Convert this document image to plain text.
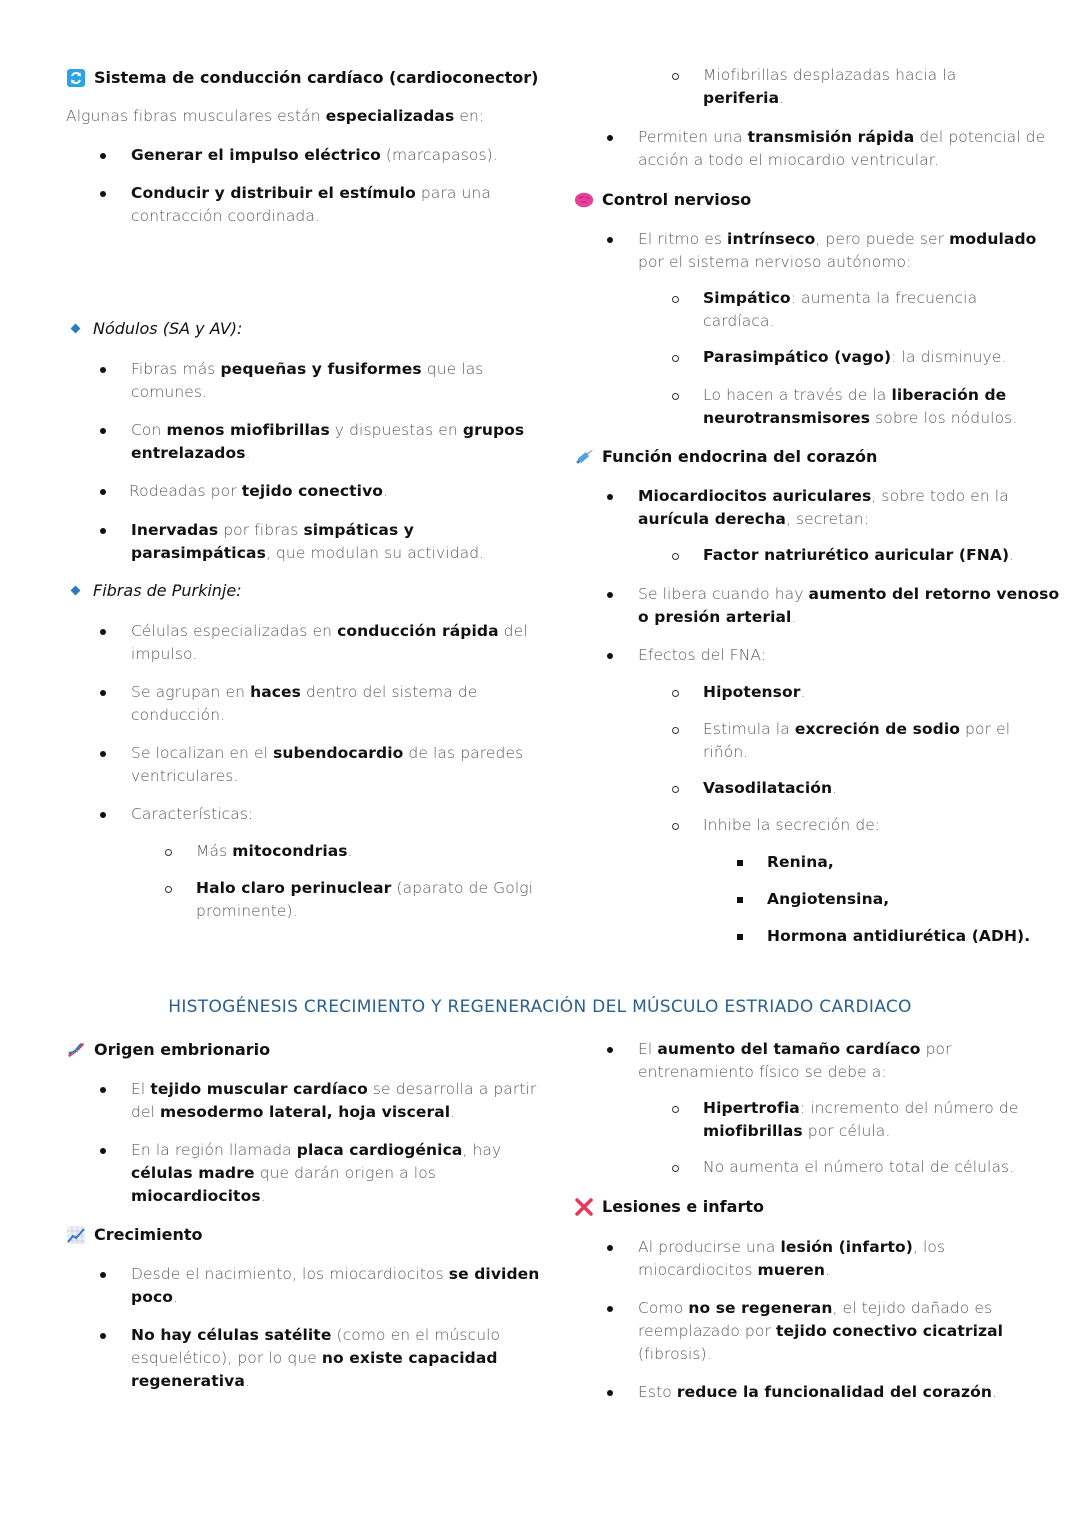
Sistema de conducción cardíaco (cardioconector)
Algunas fibras musculares están especializadas en:
Generar el impulso eléctrico (marcapasos).
Conducir y distribuir el estímulo para una
contracción coordinada.
Nódulos (SA y AV):
Fibras más pequeñas y fusiformes que las
comunes.
Con menos miofibrillas y dispuestas en grupos
entrelazados.
Rodeadas por tejido conectivo.
Inervadas por fibras simpáticas y
parasimpáticas, que modulan su actividad.
Fibras de Purkinje:
Células especializadas en conducción rápida del
impulso.
Se agrupan en haces dentro del sistema de
conducción.
Se localizan en el subendocardio de las paredes
ventriculares.
Características:
Más mitocondrias.
Halo claro perinuclear (aparato de Golgi
prominente).
Miofibrillas desplazadas hacia la
periferia.
Permiten una transmisión rápida del potencial de
acción a todo el miocardio ventricular.
Control nervioso
El ritmo es intrínseco, pero puede ser modulado
por el sistema nervioso autónomo:
Simpático: aumenta la frecuencia
cardíaca.
Parasimpático (vago): la disminuye.
Lo hacen a través de la liberación de
neurotransmisores sobre los nódulos.
Función endocrina del corazón
Miocardiocitos auriculares, sobre todo en la
aurícula derecha, secretan:
Factor natriurético auricular (FNA).
Se libera cuando hay aumento del retorno venoso
o presión arterial.
Efectos del FNA:
Hipotensor.
Estimula la excreción de sodio por el
riñón.
Vasodilatación.
Inhibe la secreción de:
Renina,
Angiotensina,
Hormona antidiurética (ADH).
HISTOGÉNESIS CRECIMIENTO Y REGENERACIÓN DEL MÚSCULO ESTRIADO CARDIACO
Origen embrionario
El tejido muscular cardíaco se desarrolla a partir
del mesodermo lateral, hoja visceral.
En la región llamada placa cardiogénica, hay
células madre que darán origen a los
miocardiocitos.
Crecimiento
Desde el nacimiento, los miocardiocitos se dividen
poco.
No hay células satélite (como en el músculo
esquelético), por lo que no existe capacidad
regenerativa.
El aumento del tamaño cardíaco por
entrenamiento físico se debe a:
Hipertrofia: incremento del número de
miofibrillas por célula.
No aumenta el número total de células.
Lesiones e infarto
Al producirse una lesión (infarto), los
miocardiocitos mueren.
Como no se regeneran, el tejido dañado es
reemplazado por tejido conectivo cicatrizal
(fibrosis).
Esto reduce la funcionalidad del corazón.
